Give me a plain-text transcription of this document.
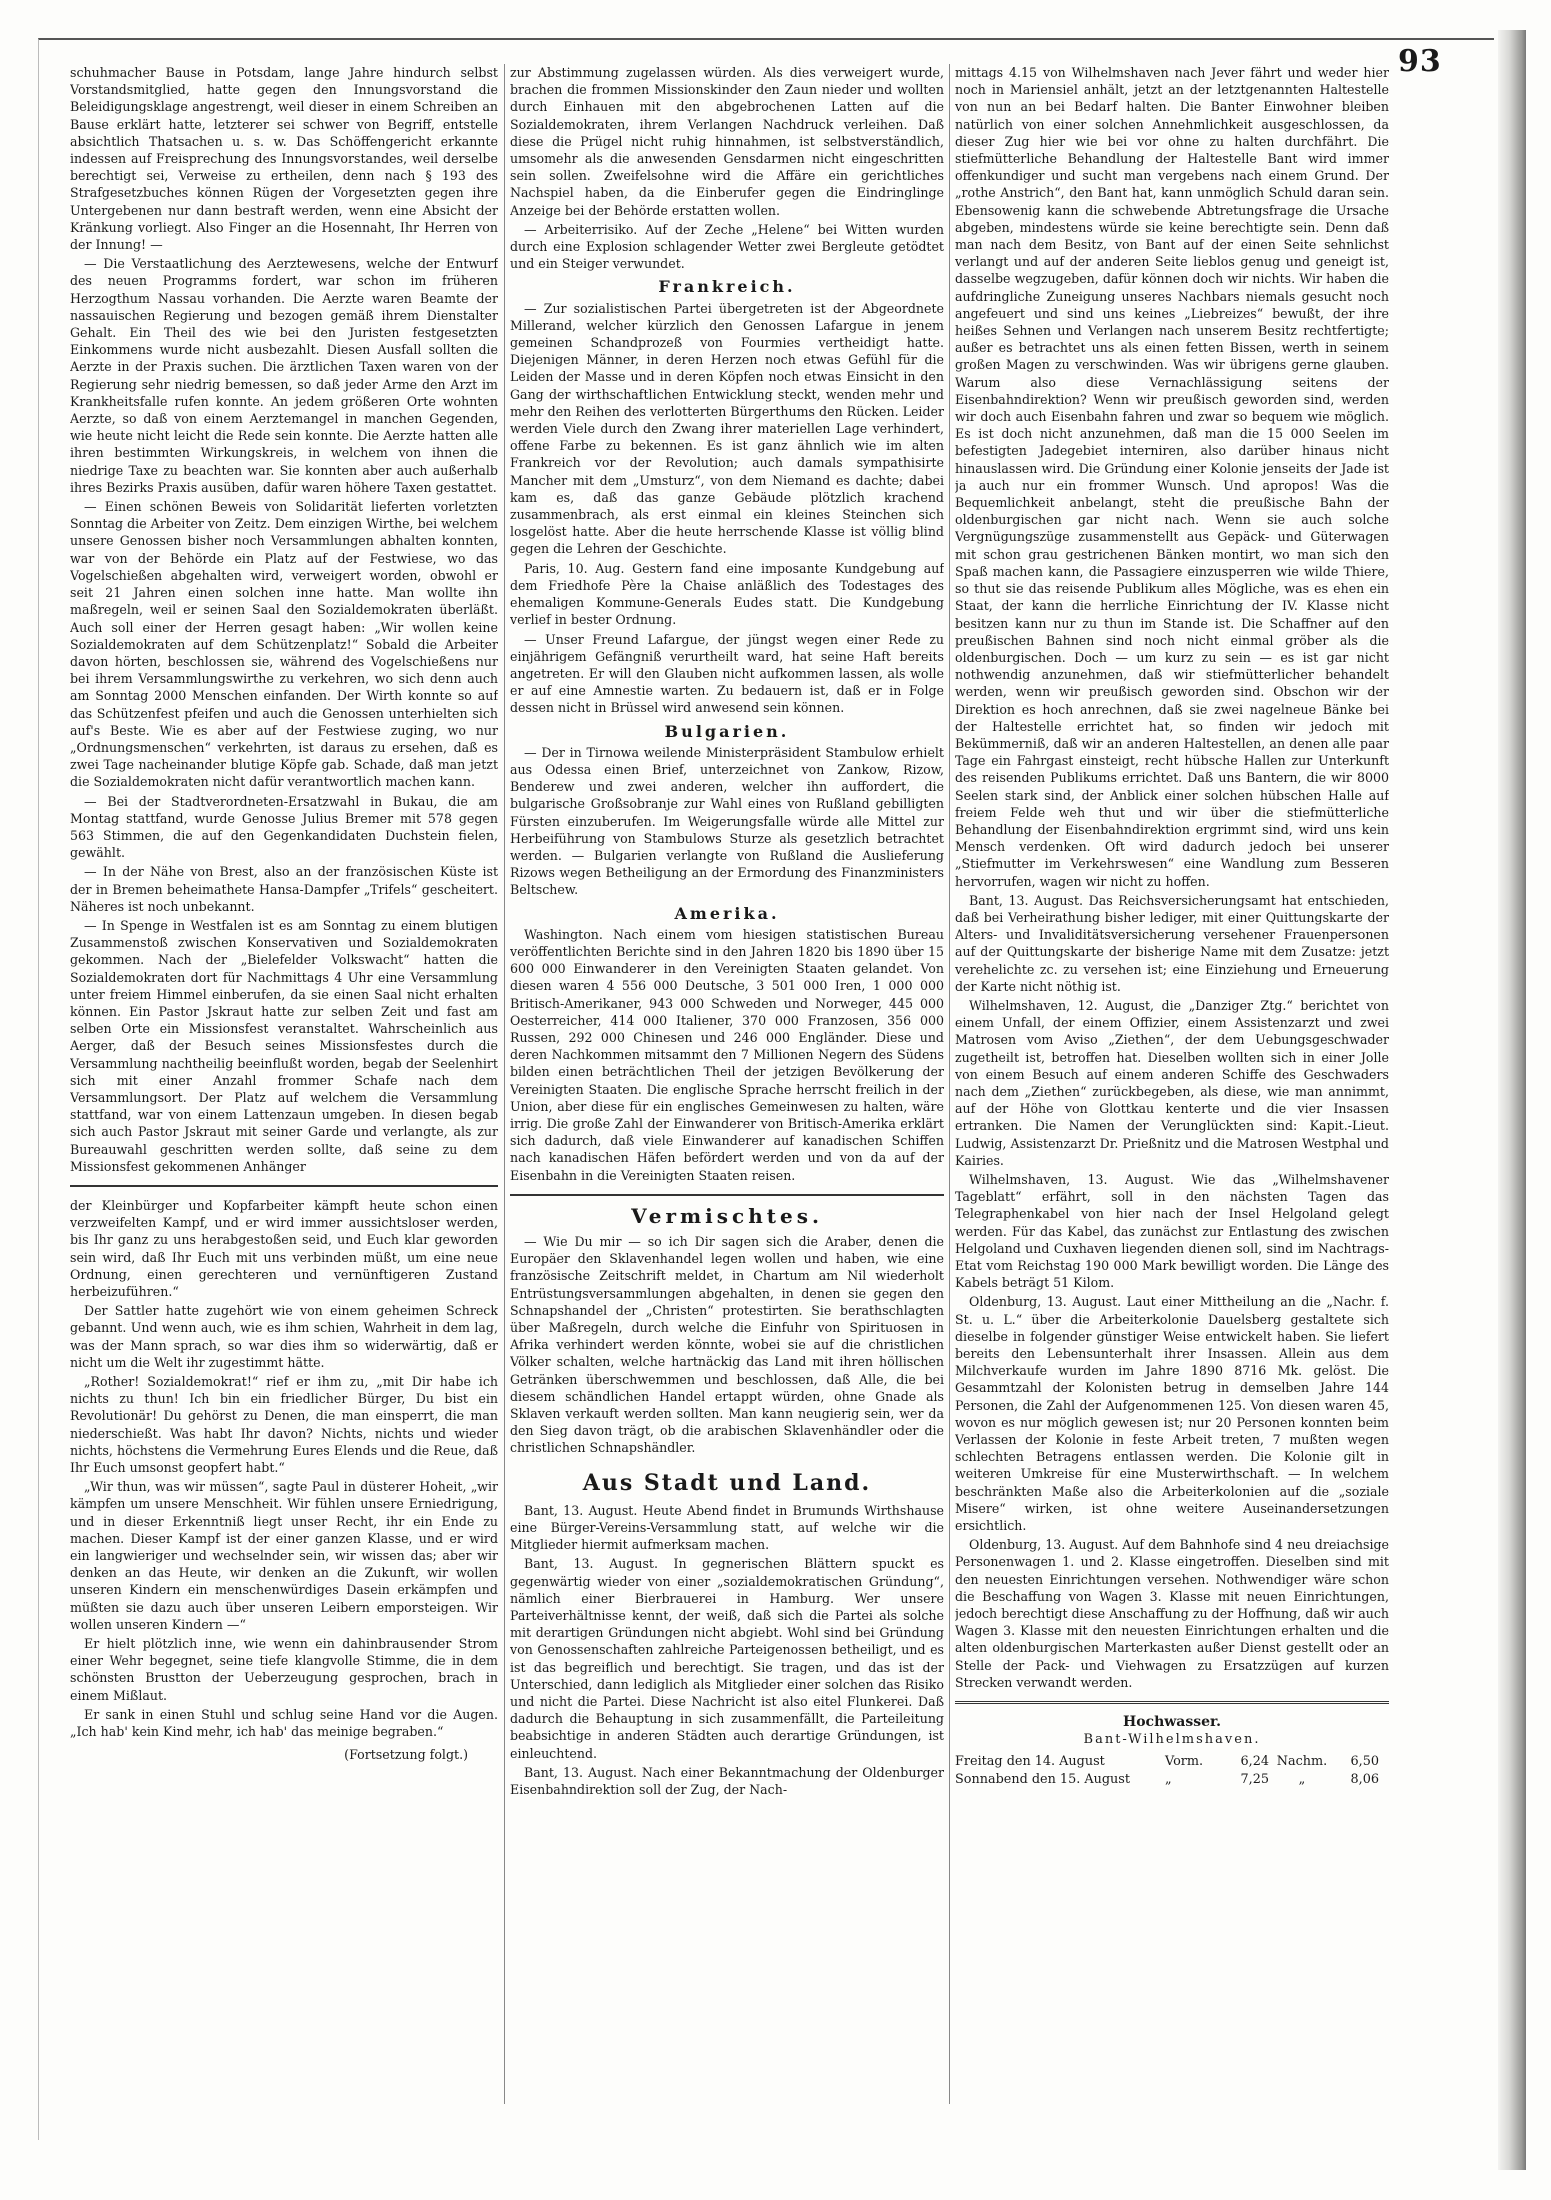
93

schuhmacher Bause in Potsdam, lange Jahre hindurch selbst Vorstandsmitglied, hatte gegen den Innungsvorstand die Beleidigungsklage angestrengt, weil dieser in einem Schreiben an Bause erklärt hatte, letzterer sei schwer von Begriff, entstelle absichtlich Thatsachen u. s. w. Das Schöffengericht erkannte indessen auf Freisprechung des Innungsvorstandes, weil derselbe berechtigt sei, Verweise zu ertheilen, denn nach § 193 des Strafgesetzbuches können Rügen der Vorgesetzten gegen ihre Untergebenen nur dann bestraft werden, wenn eine Absicht der Kränkung vorliegt. Also Finger an die Hosennaht, Ihr Herren von der Innung! —

— Die Verstaatlichung des Aerztewesens, welche der Entwurf des neuen Programms fordert, war schon im früheren Herzogthum Nassau vorhanden. Die Aerzte waren Beamte der nassauischen Regierung und bezogen gemäß ihrem Dienstalter Gehalt. Ein Theil des wie bei den Juristen festgesetzten Einkommens wurde nicht ausbezahlt. Diesen Ausfall sollten die Aerzte in der Praxis suchen. Die ärztlichen Taxen waren von der Regierung sehr niedrig bemessen, so daß jeder Arme den Arzt im Krankheitsfalle rufen konnte. An jedem größeren Orte wohnten Aerzte, so daß von einem Aerztemangel in manchen Gegenden, wie heute nicht leicht die Rede sein konnte. Die Aerzte hatten alle ihren bestimmten Wirkungskreis, in welchem von ihnen die niedrige Taxe zu beachten war. Sie konnten aber auch außerhalb ihres Bezirks Praxis ausüben, dafür waren höhere Taxen gestattet.

— Einen schönen Beweis von Solidarität lieferten vorletzten Sonntag die Arbeiter von Zeitz. Dem einzigen Wirthe, bei welchem unsere Genossen bisher noch Versammlungen abhalten konnten, war von der Behörde ein Platz auf der Festwiese, wo das Vogelschießen abgehalten wird, verweigert worden, obwohl er seit 21 Jahren einen solchen inne hatte. Man wollte ihn maßregeln, weil er seinen Saal den Sozialdemokraten überläßt. Auch soll einer der Herren gesagt haben: „Wir wollen keine Sozialdemokraten auf dem Schützenplatz!“ Sobald die Arbeiter davon hörten, beschlossen sie, während des Vogelschießens nur bei ihrem Versammlungswirthe zu verkehren, wo sich denn auch am Sonntag 2000 Menschen einfanden. Der Wirth konnte so auf das Schützenfest pfeifen und auch die Genossen unterhielten sich auf's Beste. Wie es aber auf der Festwiese zuging, wo nur „Ordnungsmenschen“ verkehrten, ist daraus zu ersehen, daß es zwei Tage nacheinander blutige Köpfe gab. Schade, daß man jetzt die Sozialdemokraten nicht dafür verantwortlich machen kann.

— Bei der Stadtverordneten-Ersatzwahl in Bukau, die am Montag stattfand, wurde Genosse Julius Bremer mit 578 gegen 563 Stimmen, die auf den Gegenkandidaten Duchstein fielen, gewählt.

— In der Nähe von Brest, also an der französischen Küste ist der in Bremen beheimathete Hansa-Dampfer „Trifels“ gescheitert. Näheres ist noch unbekannt.

— In Spenge in Westfalen ist es am Sonntag zu einem blutigen Zusammenstoß zwischen Konservativen und Sozialdemokraten gekommen. Nach der „Bielefelder Volkswacht“ hatten die Sozialdemokraten dort für Nachmittags 4 Uhr eine Versammlung unter freiem Himmel einberufen, da sie einen Saal nicht erhalten können. Ein Pastor Jskraut hatte zur selben Zeit und fast am selben Orte ein Missionsfest veranstaltet. Wahrscheinlich aus Aerger, daß der Besuch seines Missionsfestes durch die Versammlung nachtheilig beeinflußt worden, begab der Seelenhirt sich mit einer Anzahl frommer Schafe nach dem Versammlungsort. Der Platz auf welchem die Versammlung stattfand, war von einem Lattenzaun umgeben. In diesen begab sich auch Pastor Jskraut mit seiner Garde und verlangte, als zur Bureauwahl geschritten werden sollte, daß seine zu dem Missionsfest gekommenen Anhänger

der Kleinbürger und Kopfarbeiter kämpft heute schon einen verzweifelten Kampf, und er wird immer aussichtsloser werden, bis Ihr ganz zu uns herabgestoßen seid, und Euch klar geworden sein wird, daß Ihr Euch mit uns verbinden müßt, um eine neue Ordnung, einen gerechteren und vernünftigeren Zustand herbeizuführen.“

Der Sattler hatte zugehört wie von einem geheimen Schreck gebannt. Und wenn auch, wie es ihm schien, Wahrheit in dem lag, was der Mann sprach, so war dies ihm so widerwärtig, daß er nicht um die Welt ihr zugestimmt hätte.

„Rother! Sozialdemokrat!“ rief er ihm zu, „mit Dir habe ich nichts zu thun! Ich bin ein friedlicher Bürger, Du bist ein Revolutionär! Du gehörst zu Denen, die man einsperrt, die man niederschießt. Was habt Ihr davon? Nichts, nichts und wieder nichts, höchstens die Vermehrung Eures Elends und die Reue, daß Ihr Euch umsonst geopfert habt.“

„Wir thun, was wir müssen“, sagte Paul in düsterer Hoheit, „wir kämpfen um unsere Menschheit. Wir fühlen unsere Erniedrigung, und in dieser Erkenntniß liegt unser Recht, ihr ein Ende zu machen. Dieser Kampf ist der einer ganzen Klasse, und er wird ein langwieriger und wechselnder sein, wir wissen das; aber wir denken an das Heute, wir denken an die Zukunft, wir wollen unseren Kindern ein menschenwürdiges Dasein erkämpfen und müßten sie dazu auch über unseren Leibern emporsteigen. Wir wollen unseren Kindern —“

Er hielt plötzlich inne, wie wenn ein dahinbrausender Strom einer Wehr begegnet, seine tiefe klangvolle Stimme, die in dem schönsten Brustton der Ueberzeugung gesprochen, brach in einem Mißlaut.

Er sank in einen Stuhl und schlug seine Hand vor die Augen. „Ich hab' kein Kind mehr, ich hab' das meinige begraben.“

(Fortsetzung folgt.)

zur Abstimmung zugelassen würden. Als dies verweigert wurde, brachen die frommen Missionskinder den Zaun nieder und wollten durch Einhauen mit den abgebrochenen Latten auf die Sozialdemokraten, ihrem Verlangen Nachdruck verleihen. Daß diese die Prügel nicht ruhig hinnahmen, ist selbstverständlich, umsomehr als die anwesenden Gensdarmen nicht eingeschritten sein sollen. Zweifelsohne wird die Affäre ein gerichtliches Nachspiel haben, da die Einberufer gegen die Eindringlinge Anzeige bei der Behörde erstatten wollen.

— Arbeiterrisiko. Auf der Zeche „Helene“ bei Witten wurden durch eine Explosion schlagender Wetter zwei Bergleute getödtet und ein Steiger verwundet.

Frankreich.

— Zur sozialistischen Partei übergetreten ist der Abgeordnete Millerand, welcher kürzlich den Genossen Lafargue in jenem gemeinen Schandprozeß von Fourmies vertheidigt hatte. Diejenigen Männer, in deren Herzen noch etwas Gefühl für die Leiden der Masse und in deren Köpfen noch etwas Einsicht in den Gang der wirthschaftlichen Entwicklung steckt, wenden mehr und mehr den Reihen des verlotterten Bürgerthums den Rücken. Leider werden Viele durch den Zwang ihrer materiellen Lage verhindert, offene Farbe zu bekennen. Es ist ganz ähnlich wie im alten Frankreich vor der Revolution; auch damals sympathisirte Mancher mit dem „Umsturz“, von dem Niemand es dachte; dabei kam es, daß das ganze Gebäude plötzlich krachend zusammenbrach, als erst einmal ein kleines Steinchen sich losgelöst hatte. Aber die heute herrschende Klasse ist völlig blind gegen die Lehren der Geschichte.

Paris, 10. Aug. Gestern fand eine imposante Kundgebung auf dem Friedhofe Père la Chaise anläßlich des Todestages des ehemaligen Kommune-Generals Eudes statt. Die Kundgebung verlief in bester Ordnung.

— Unser Freund Lafargue, der jüngst wegen einer Rede zu einjährigem Gefängniß verurtheilt ward, hat seine Haft bereits angetreten. Er will den Glauben nicht aufkommen lassen, als wolle er auf eine Amnestie warten. Zu bedauern ist, daß er in Folge dessen nicht in Brüssel wird anwesend sein können.

Bulgarien.

— Der in Tirnowa weilende Ministerpräsident Stambulow erhielt aus Odessa einen Brief, unterzeichnet von Zankow, Rizow, Benderew und zwei anderen, welcher ihn auffordert, die bulgarische Großsobranje zur Wahl eines von Rußland gebilligten Fürsten einzuberufen. Im Weigerungsfalle würde alle Mittel zur Herbeiführung von Stambulows Sturze als gesetzlich betrachtet werden. — Bulgarien verlangte von Rußland die Auslieferung Rizows wegen Betheiligung an der Ermordung des Finanzministers Beltschew.

Amerika.

Washington. Nach einem vom hiesigen statistischen Bureau veröffentlichten Berichte sind in den Jahren 1820 bis 1890 über 15 600 000 Einwanderer in den Vereinigten Staaten gelandet. Von diesen waren 4 556 000 Deutsche, 3 501 000 Iren, 1 000 000 Britisch-Amerikaner, 943 000 Schweden und Norweger, 445 000 Oesterreicher, 414 000 Italiener, 370 000 Franzosen, 356 000 Russen, 292 000 Chinesen und 246 000 Engländer. Diese und deren Nachkommen mitsammt den 7 Millionen Negern des Südens bilden einen beträchtlichen Theil der jetzigen Bevölkerung der Vereinigten Staaten. Die englische Sprache herrscht freilich in der Union, aber diese für ein englisches Gemeinwesen zu halten, wäre irrig. Die große Zahl der Einwanderer von Britisch-Amerika erklärt sich dadurch, daß viele Einwanderer auf kanadischen Schiffen nach kanadischen Häfen befördert werden und von da auf der Eisenbahn in die Vereinigten Staaten reisen.

Vermischtes.

— Wie Du mir — so ich Dir sagen sich die Araber, denen die Europäer den Sklavenhandel legen wollen und haben, wie eine französische Zeitschrift meldet, in Chartum am Nil wiederholt Entrüstungsversammlungen abgehalten, in denen sie gegen den Schnapshandel der „Christen“ protestirten. Sie berathschlagten über Maßregeln, durch welche die Einfuhr von Spirituosen in Afrika verhindert werden könnte, wobei sie auf die christlichen Völker schalten, welche hartnäckig das Land mit ihren höllischen Getränken überschwemmen und beschlossen, daß Alle, die bei diesem schändlichen Handel ertappt würden, ohne Gnade als Sklaven verkauft werden sollten. Man kann neugierig sein, wer da den Sieg davon trägt, ob die arabischen Sklavenhändler oder die christlichen Schnapshändler.

Aus Stadt und Land.

Bant, 13. August. Heute Abend findet in Brumunds Wirthshause eine Bürger-Vereins-Versammlung statt, auf welche wir die Mitglieder hiermit aufmerksam machen.

Bant, 13. August. In gegnerischen Blättern spuckt es gegenwärtig wieder von einer „sozialdemokratischen Gründung“, nämlich einer Bierbrauerei in Hamburg. Wer unsere Parteiverhältnisse kennt, der weiß, daß sich die Partei als solche mit derartigen Gründungen nicht abgiebt. Wohl sind bei Gründung von Genossenschaften zahlreiche Parteigenossen betheiligt, und es ist das begreiflich und berechtigt. Sie tragen, und das ist der Unterschied, dann lediglich als Mitglieder einer solchen das Risiko und nicht die Partei. Diese Nachricht ist also eitel Flunkerei. Daß dadurch die Behauptung in sich zusammenfällt, die Parteileitung beabsichtige in anderen Städten auch derartige Gründungen, ist einleuchtend.

Bant, 13. August. Nach einer Bekanntmachung der Oldenburger Eisenbahndirektion soll der Zug, der Nach-

mittags 4.15 von Wilhelmshaven nach Jever fährt und weder hier noch in Mariensiel anhält, jetzt an der letztgenannten Haltestelle von nun an bei Bedarf halten. Die Banter Einwohner bleiben natürlich von einer solchen Annehmlichkeit ausgeschlossen, da dieser Zug hier wie bei vor ohne zu halten durchfährt. Die stiefmütterliche Behandlung der Haltestelle Bant wird immer offenkundiger und sucht man vergebens nach einem Grund. Der „rothe Anstrich“, den Bant hat, kann unmöglich Schuld daran sein. Ebensowenig kann die schwebende Abtretungsfrage die Ursache abgeben, mindestens würde sie keine berechtigte sein. Denn daß man nach dem Besitz, von Bant auf der einen Seite sehnlichst verlangt und auf der anderen Seite lieblos genug und geneigt ist, dasselbe wegzugeben, dafür können doch wir nichts. Wir haben die aufdringliche Zuneigung unseres Nachbars niemals gesucht noch angefeuert und sind uns keines „Liebreizes“ bewußt, der ihre heißes Sehnen und Verlangen nach unserem Besitz rechtfertigte; außer es betrachtet uns als einen fetten Bissen, werth in seinem großen Magen zu verschwinden. Was wir übrigens gerne glauben. Warum also diese Vernachlässigung seitens der Eisenbahndirektion? Wenn wir preußisch geworden sind, werden wir doch auch Eisenbahn fahren und zwar so bequem wie möglich. Es ist doch nicht anzunehmen, daß man die 15 000 Seelen im befestigten Jadegebiet interniren, also darüber hinaus nicht hinauslassen wird. Die Gründung einer Kolonie jenseits der Jade ist ja auch nur ein frommer Wunsch. Und apropos! Was die Bequemlichkeit anbelangt, steht die preußische Bahn der oldenburgischen gar nicht nach. Wenn sie auch solche Vergnügungszüge zusammenstellt aus Gepäck- und Güterwagen mit schon grau gestrichenen Bänken montirt, wo man sich den Spaß machen kann, die Passagiere einzusperren wie wilde Thiere, so thut sie das reisende Publikum alles Mögliche, was es ehen ein Staat, der kann die herrliche Einrichtung der IV. Klasse nicht besitzen kann nur zu thun im Stande ist. Die Schaffner auf den preußischen Bahnen sind noch nicht einmal gröber als die oldenburgischen. Doch — um kurz zu sein — es ist gar nicht nothwendig anzunehmen, daß wir stiefmütterlicher behandelt werden, wenn wir preußisch geworden sind. Obschon wir der Direktion es hoch anrechnen, daß sie zwei nagelneue Bänke bei der Haltestelle errichtet hat, so finden wir jedoch mit Bekümmerniß, daß wir an anderen Haltestellen, an denen alle paar Tage ein Fahrgast einsteigt, recht hübsche Hallen zur Unterkunft des reisenden Publikums errichtet. Daß uns Bantern, die wir 8000 Seelen stark sind, der Anblick einer solchen hübschen Halle auf freiem Felde weh thut und wir über die stiefmütterliche Behandlung der Eisenbahndirektion ergrimmt sind, wird uns kein Mensch verdenken. Oft wird dadurch jedoch bei unserer „Stiefmutter im Verkehrswesen“ eine Wandlung zum Besseren hervorrufen, wagen wir nicht zu hoffen.

Bant, 13. August. Das Reichsversicherungsamt hat entschieden, daß bei Verheirathung bisher lediger, mit einer Quittungskarte der Alters- und Invaliditätsversicherung versehener Frauenpersonen auf der Quittungskarte der bisherige Name mit dem Zusatze: jetzt verehelichte zc. zu versehen ist; eine Einziehung und Erneuerung der Karte nicht nöthig ist.

Wilhelmshaven, 12. August, die „Danziger Ztg.“ berichtet von einem Unfall, der einem Offizier, einem Assistenzarzt und zwei Matrosen vom Aviso „Ziethen“, der dem Uebungsgeschwader zugetheilt ist, betroffen hat. Dieselben wollten sich in einer Jolle von einem Besuch auf einem anderen Schiffe des Geschwaders nach dem „Ziethen“ zurückbegeben, als diese, wie man annimmt, auf der Höhe von Glottkau kenterte und die vier Insassen ertranken. Die Namen der Verunglückten sind: Kapit.-Lieut. Ludwig, Assistenzarzt Dr. Prießnitz und die Matrosen Westphal und Kairies.

Wilhelmshaven, 13. August. Wie das „Wilhelmshavener Tageblatt“ erfährt, soll in den nächsten Tagen das Telegraphenkabel von hier nach der Insel Helgoland gelegt werden. Für das Kabel, das zunächst zur Entlastung des zwischen Helgoland und Cuxhaven liegenden dienen soll, sind im Nachtrags-Etat vom Reichstag 190 000 Mark bewilligt worden. Die Länge des Kabels beträgt 51 Kilom.

Oldenburg, 13. August. Laut einer Mittheilung an die „Nachr. f. St. u. L.“ über die Arbeiterkolonie Dauelsberg gestaltete sich dieselbe in folgender günstiger Weise entwickelt haben. Sie liefert bereits den Lebensunterhalt ihrer Insassen. Allein aus dem Milchverkaufe wurden im Jahre 1890 8716 Mk. gelöst. Die Gesammtzahl der Kolonisten betrug in demselben Jahre 144 Personen, die Zahl der Aufgenommenen 125. Von diesen waren 45, wovon es nur möglich gewesen ist; nur 20 Personen konnten beim Verlassen der Kolonie in feste Arbeit treten, 7 mußten wegen schlechten Betragens entlassen werden. Die Kolonie gilt in weiteren Umkreise für eine Musterwirthschaft. — In welchem beschränkten Maße also die Arbeiterkolonien auf die „soziale Misere“ wirken, ist ohne weitere Auseinandersetzungen ersichtlich.

Oldenburg, 13. August. Auf dem Bahnhofe sind 4 neu dreiachsige Personenwagen 1. und 2. Klasse eingetroffen. Dieselben sind mit den neuesten Einrichtungen versehen. Nothwendiger wäre schon die Beschaffung von Wagen 3. Klasse mit neuen Einrichtungen, jedoch berechtigt diese Anschaffung zu der Hoffnung, daß wir auch Wagen 3. Klasse mit den neuesten Einrichtungen erhalten und die alten oldenburgischen Marterkasten außer Dienst gestellt oder an Stelle der Pack- und Viehwagen zu Ersatzzügen auf kurzen Strecken verwandt werden.

Hochwasser.
Bant-Wilhelmshaven.
Freitag den 14. August	Vorm.	6,24 Nachm.	6,50
Sonnabend den 15. August	„	7,25	„	8,06
